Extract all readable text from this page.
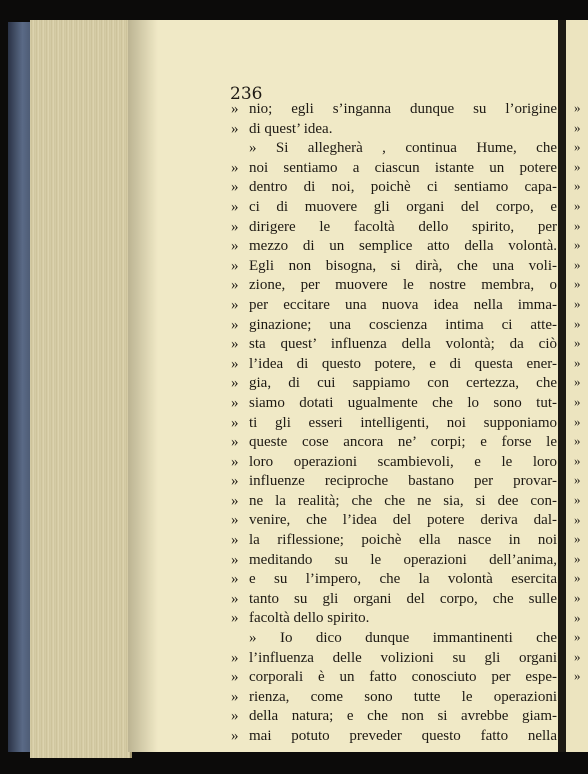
236
» nio; egli s’inganna dunque su l’origine
» di quest’ idea.
» Si allegherà , continua Hume, che
» noi sentiamo a ciascun istante un potere
» dentro di noi, poichè ci sentiamo capa-
» ci di muovere gli organi del corpo, e
» dirigere le facoltà dello spirito, per
» mezzo di un semplice atto della volontà.
» Egli non bisogna, si dirà, che una voli-
» zione, per muovere le nostre membra, o
» per eccitare una nuova idea nella imma-
» ginazione; una coscienza intima ci atte-
» sta quest’ influenza della volontà; da ciò
» l’idea di questo potere, e di questa ener-
» gia, di cui sappiamo con certezza, che
» siamo dotati ugualmente che lo sono tut-
» ti gli esseri intelligenti, noi supponiamo
» queste cose ancora ne’ corpi; e forse le
» loro operazioni scambievoli, e le loro
» influenze reciproche bastano per provar-
» ne la realità; che che ne sia, si dee con-
» venire, che l’idea del potere deriva dal-
» la riflessione; poichè ella nasce in noi
» meditando su le operazioni dell’anima,
» e su l’impero, che la volontà esercita
» tanto su gli organi del corpo, che sulle
» facoltà dello spirito.
» Io dico dunque immantinenti che
» l’influenza delle volizioni su gli organi
» corporali è un fatto conosciuto per espe-
» rienza, come sono tutte le operazioni
» della natura; e che non si avrebbe giam-
» mai potuto preveder questo fatto nella
»
»
»
»
»
»
»
»
»
»
»
»
»
»
»
»
»
»
»
»
»
»
»
»
»
»
»
»
»
»
